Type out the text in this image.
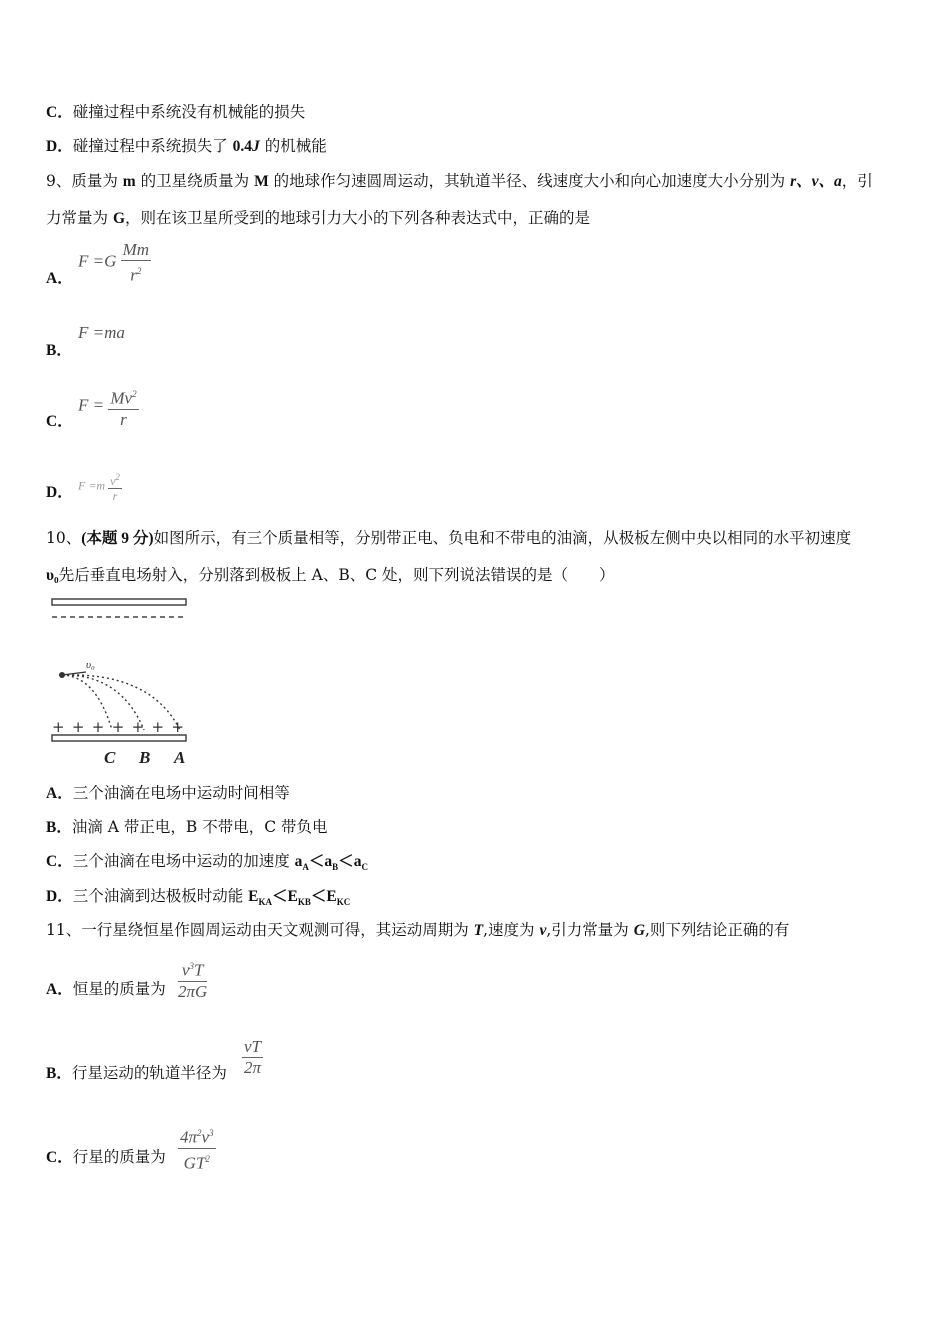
C．碰撞过程中系统没有机械能的损失
D．碰撞过程中系统损失了 0.4J 的机械能
9、质量为 m 的卫星绕质量为 M 的地球作匀速圆周运动，其轨道半径、线速度大小和向心加速度大小分别为 r、v、a，引
力常量为 G，则在该卫星所受到的地球引力大小的下列各种表达式中，正确的是
A．
$F =G \frac{Mm}{r^2}$
B．
F =ma
C．
$F = \frac{Mv^2}{r}$
D． $F =m \frac{v^2}{r}$
10、(本题 9 分)如图所示，有三个质量相等，分别带正电、负电和不带电的油滴，从极板左侧中央以相同的水平初速度
υ₀先后垂直电场射入，分别落到极板上 A、B、C 处，则下列说法错误的是（　　）
υ₀
+ + + + + + +
C B A
A．三个油滴在电场中运动时间相等
B．油滴 A 带正电，B 不带电，C 带负电
C．三个油滴在电场中运动的加速度 $a_A<a_B<a_C$
D．三个油滴到达极板时动能 $E_{KA}<E_{KB}<E_{KC}$
11、一行星绕恒星作圆周运动由天文观测可得，其运动周期为 T,速度为 v,引力常量为 G,则下列结论正确的有
A．恒星的质量为 $\frac{v^3T}{2\pi G}$
B．行星运动的轨道半径为 $\frac{vT}{2\pi}$
C．行星的质量为 $\frac{4\pi^2v^3}{GT^2}$
